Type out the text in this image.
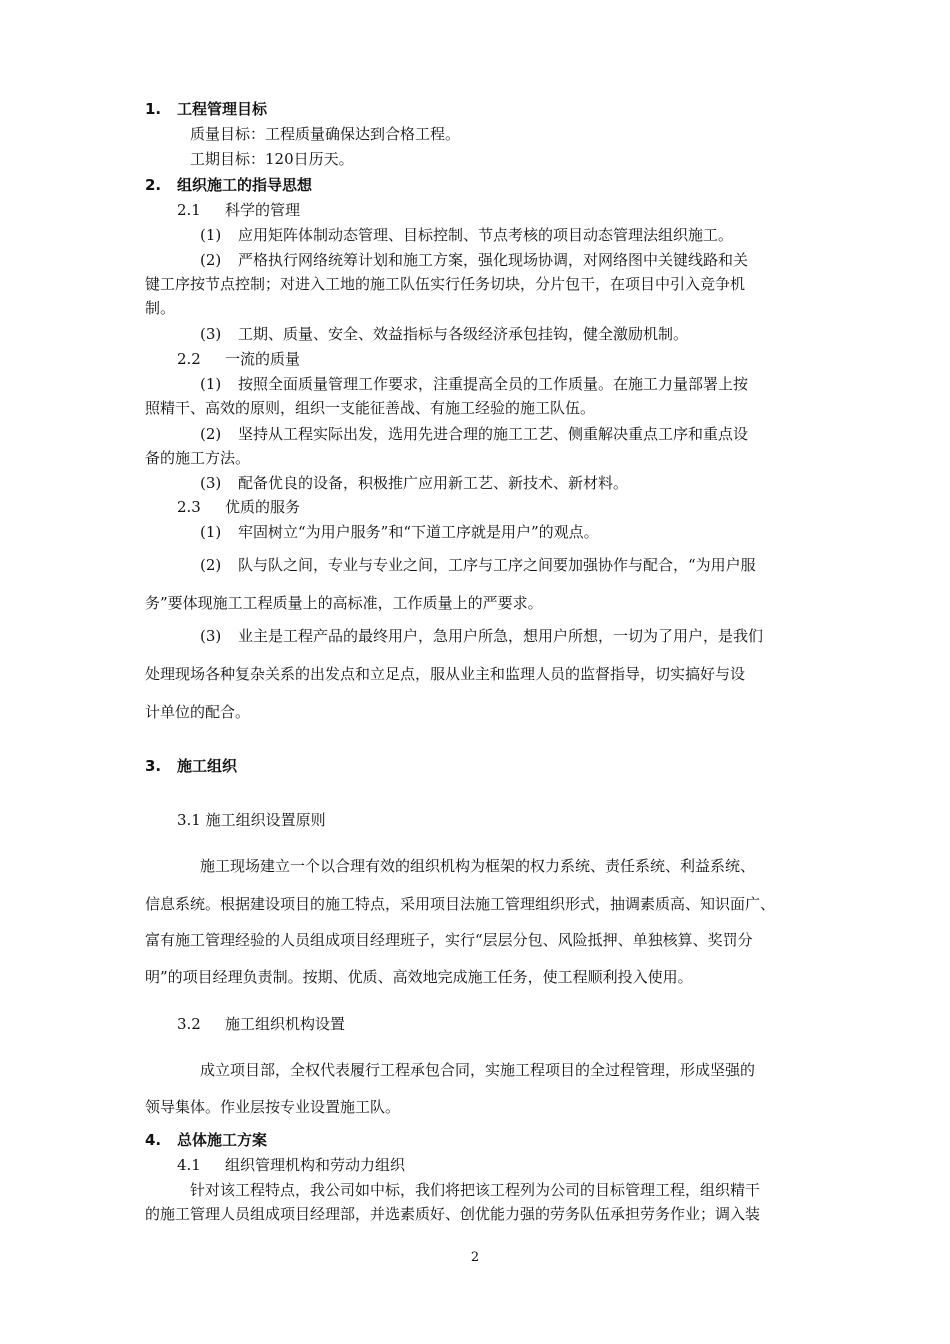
1. 工程管理目标
质量目标：工程质量确保达到合格工程。
工期目标：120日历天。
2. 组织施工的指导思想
2.1 科学的管理
(1) 应用矩阵体制动态管理、目标控制、节点考核的项目动态管理法组织施工。
(2) 严格执行网络统筹计划和施工方案，强化现场协调，对网络图中关键线路和关
键工序按节点控制；对进入工地的施工队伍实行任务切块，分片包干，在项目中引入竞争机
制。
(3) 工期、质量、安全、效益指标与各级经济承包挂钩，健全激励机制。
2.2 一流的质量
(1) 按照全面质量管理工作要求，注重提高全员的工作质量。在施工力量部署上按
照精干、高效的原则，组织一支能征善战、有施工经验的施工队伍。
(2) 坚持从工程实际出发，选用先进合理的施工工艺、侧重解决重点工序和重点设
备的施工方法。
(3) 配备优良的设备，积极推广应用新工艺、新技术、新材料。
2.3 优质的服务
(1) 牢固树立“为用户服务”和“下道工序就是用户”的观点。
(2) 队与队之间，专业与专业之间，工序与工序之间要加强协作与配合，“为用户服
务”要体现施工工程质量上的高标准，工作质量上的严要求。
(3) 业主是工程产品的最终用户，急用户所急，想用户所想，一切为了用户，是我们
处理现场各种复杂关系的出发点和立足点，服从业主和监理人员的监督指导，切实搞好与设
计单位的配合。
3. 施工组织
3.1 施工组织设置原则
施工现场建立一个以合理有效的组织机构为框架的权力系统、责任系统、利益系统、
信息系统。根据建设项目的施工特点，采用项目法施工管理组织形式，抽调素质高、知识面广、
富有施工管理经验的人员组成项目经理班子，实行“层层分包、风险抵押、单独核算、奖罚分
明”的项目经理负责制。按期、优质、高效地完成施工任务，使工程顺利投入使用。
3.2 施工组织机构设置
成立项目部，全权代表履行工程承包合同，实施工程项目的全过程管理，形成坚强的
领导集体。作业层按专业设置施工队。
4. 总体施工方案
4.1 组织管理机构和劳动力组织
针对该工程特点，我公司如中标，我们将把该工程列为公司的目标管理工程，组织精干
的施工管理人员组成项目经理部，并选素质好、创优能力强的劳务队伍承担劳务作业；调入装
2
